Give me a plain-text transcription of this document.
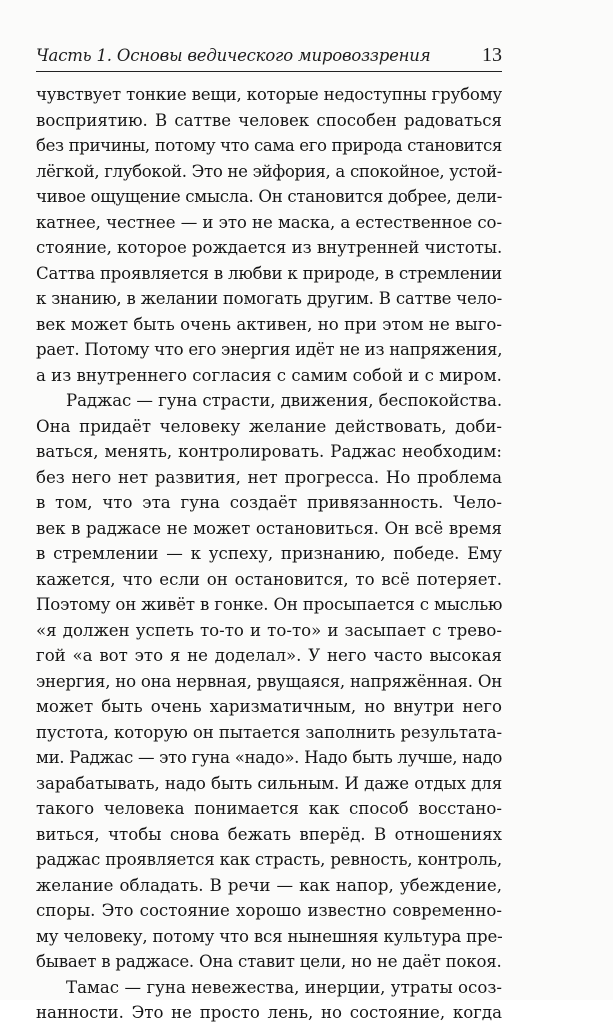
Часть 1. Основы ведического мировоззрения	13
чувствует тонкие вещи, которые недоступны грубому
восприятию. В саттве человек способен радоваться
без причины, потому что сама его природа становится
лёгкой, глубокой. Это не эйфория, а спокойное, устой-
чивое ощущение смысла. Он становится добрее, дели-
катнее, честнее — и это не маска, а естественное со-
стояние, которое рождается из внутренней чистоты.
Саттва проявляется в любви к природе, в стремлении
к знанию, в желании помогать другим. В саттве чело-
век может быть очень активен, но при этом не выго-
рает. Потому что его энергия идёт не из напряжения,
а из внутреннего согласия с самим собой и с миром.
Раджас — гуна страсти, движения, беспокойства.
Она придаёт человеку желание действовать, доби-
ваться, менять, контролировать. Раджас необходим:
без него нет развития, нет прогресса. Но проблема
в том, что эта гуна создаёт привязанность. Чело-
век в раджасе не может остановиться. Он всё время
в стремлении — к успеху, признанию, победе. Ему
кажется, что если он остановится, то всё потеряет.
Поэтому он живёт в гонке. Он просыпается с мыслью
«я должен успеть то-то и то-то» и засыпает с трево-
гой «а вот это я не доделал». У него часто высокая
энергия, но она нервная, рвущаяся, напряжённая. Он
может быть очень харизматичным, но внутри него
пустота, которую он пытается заполнить результата-
ми. Раджас — это гуна «надо». Надо быть лучше, надо
зарабатывать, надо быть сильным. И даже отдых для
такого человека понимается как способ восстано-
виться, чтобы снова бежать вперёд. В отношениях
раджас проявляется как страсть, ревность, контроль,
желание обладать. В речи — как напор, убеждение,
споры. Это состояние хорошо известно современно-
му человеку, потому что вся нынешняя культура пре-
бывает в раджасе. Она ставит цели, но не даёт покоя.
Тамас — гуна невежества, инерции, утраты осоз-
нанности. Это не просто лень, но состояние, когда
